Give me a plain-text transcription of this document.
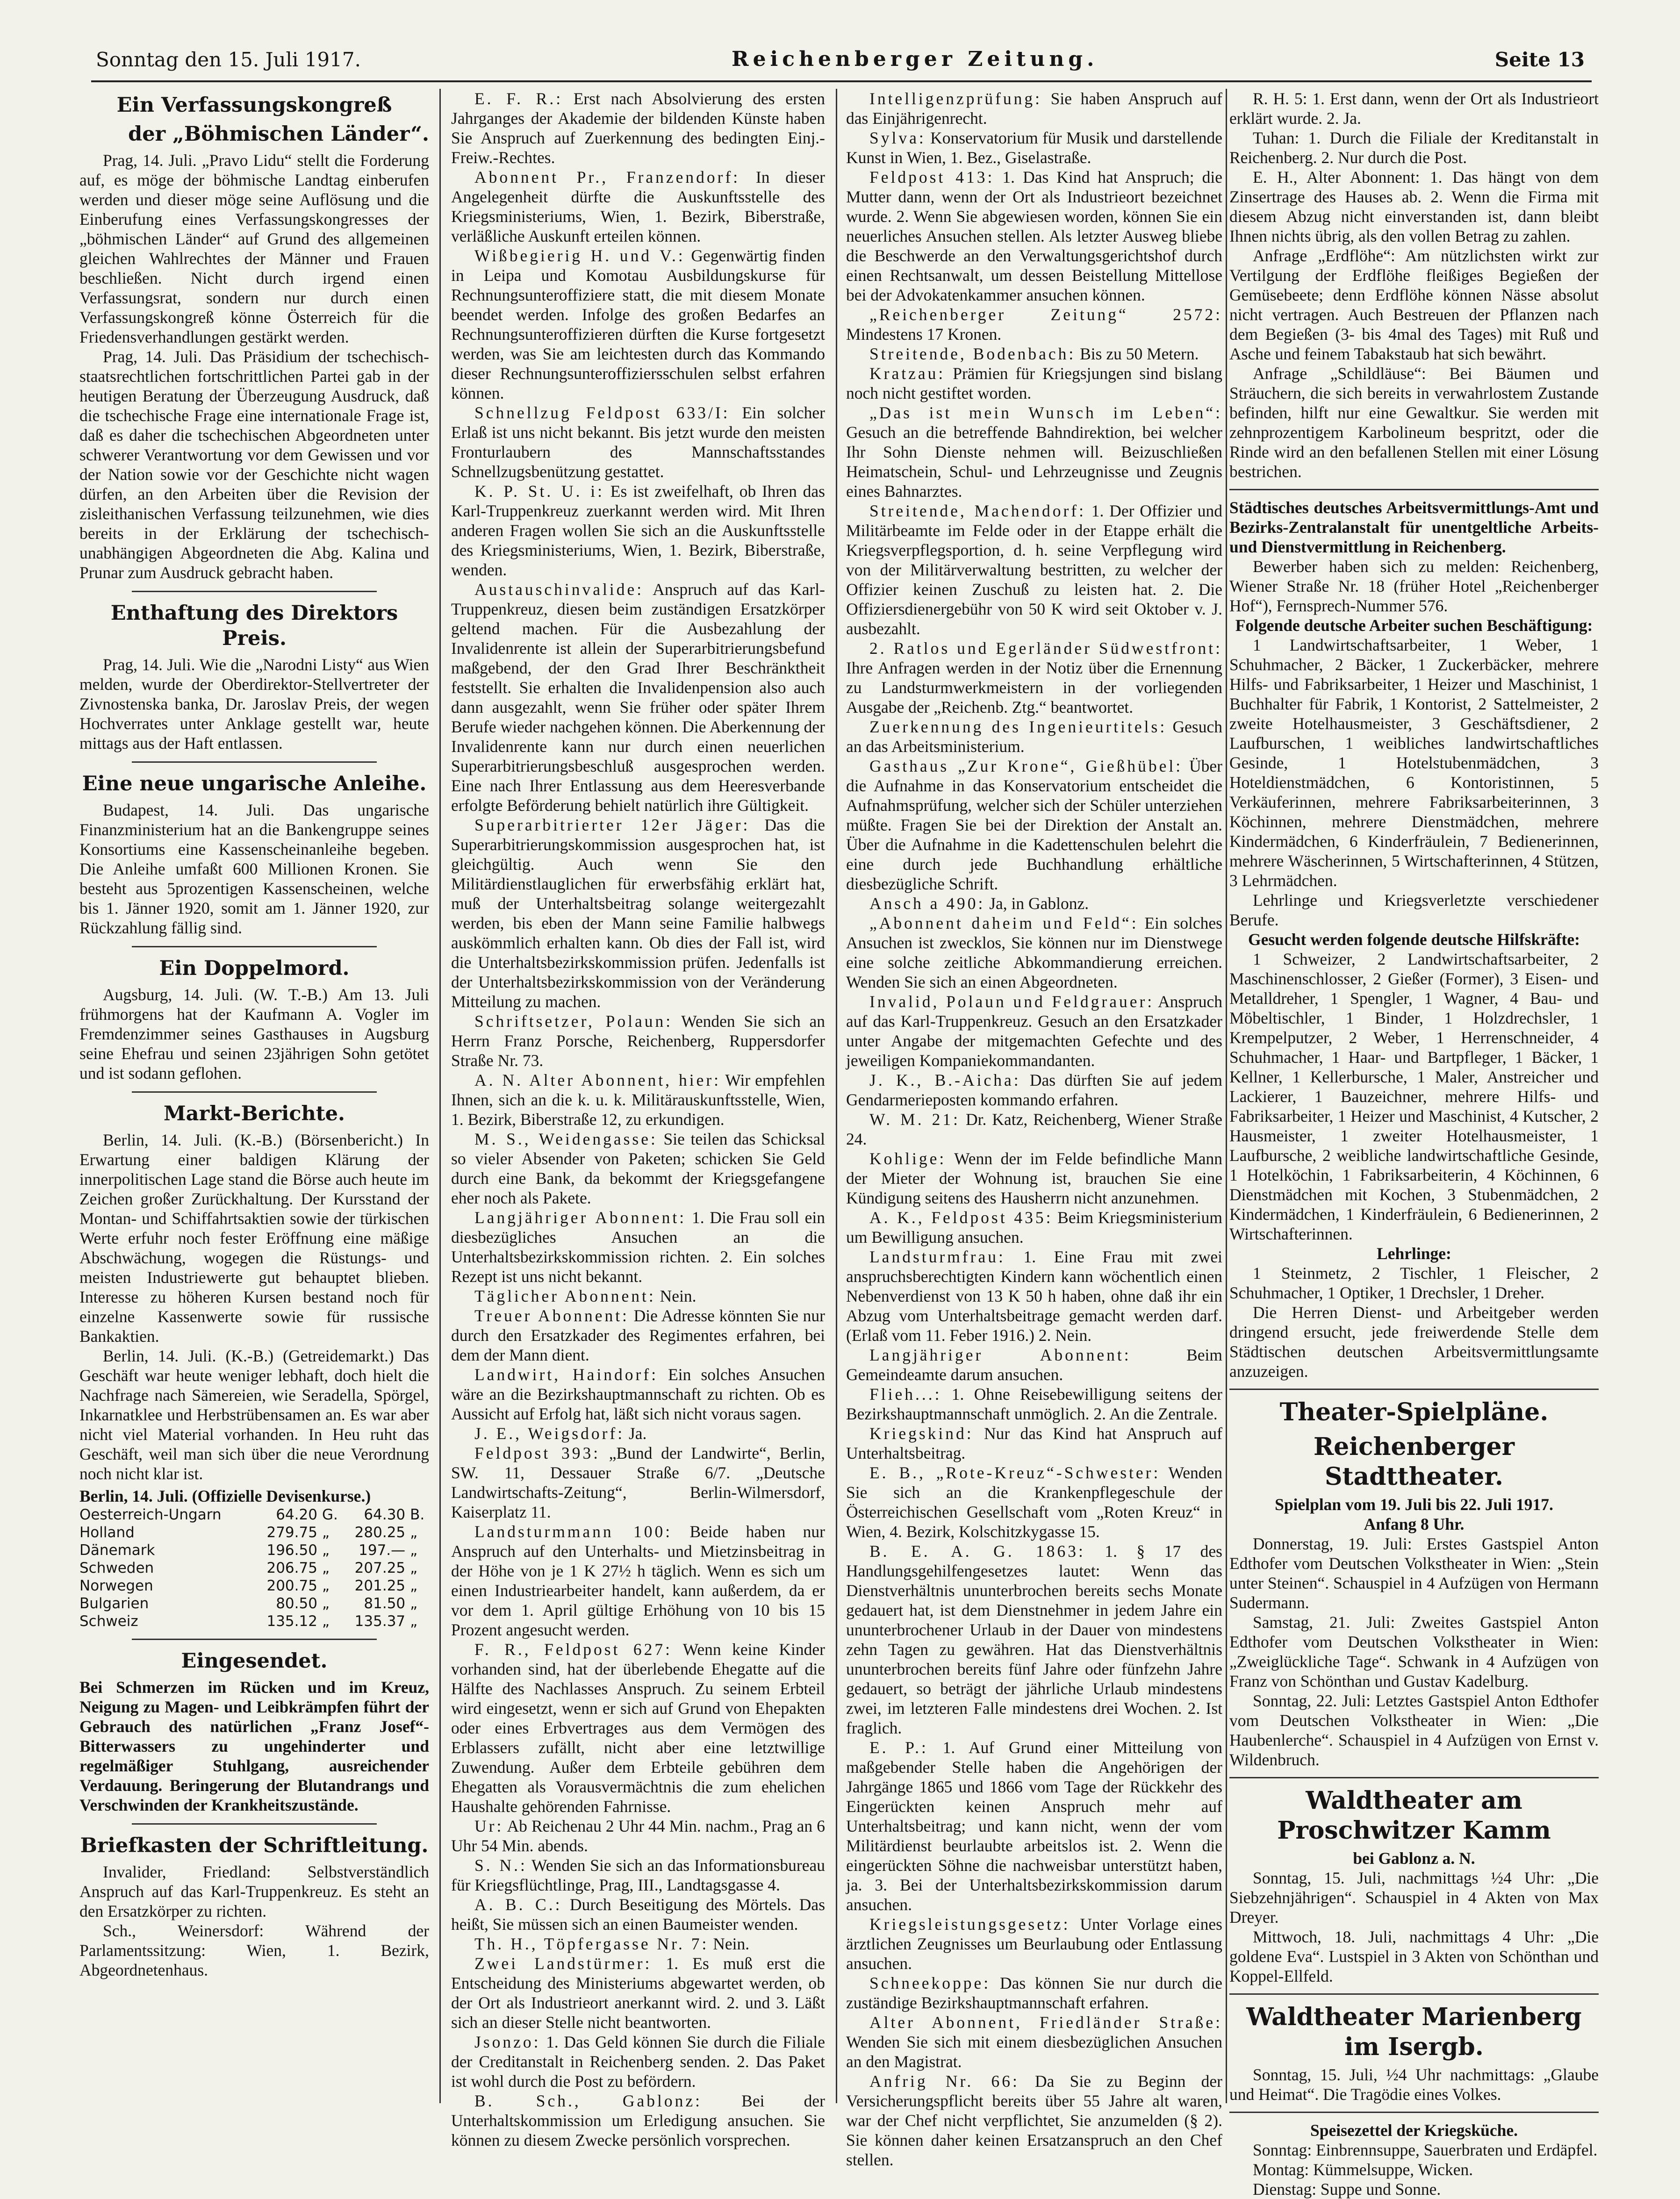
Sonntag den 15. Juli 1917.	Reichenberger Zeitung.	Seite 13
Ein Verfassungskongreß
der „Böhmischen Länder“.

Prag, 14. Juli. „Pravo Lidu“ stellt die Forderung auf, es möge der böhmische Landtag einberufen werden und dieser möge seine Auflösung und die Einberufung eines Verfassungskongresses der „böhmischen Länder“ auf Grund des allgemeinen gleichen Wahlrechtes der Männer und Frauen beschließen. Nicht durch irgend einen Verfassungsrat, sondern nur durch einen Verfassungskongreß könne Österreich für die Friedensverhandlungen gestärkt werden.

Prag, 14. Juli. Das Präsidium der tschechisch-staatsrechtlichen fortschrittlichen Partei gab in der heutigen Beratung der Überzeugung Ausdruck, daß die tschechische Frage eine internationale Frage ist, daß es daher die tschechischen Abgeordneten unter schwerer Verantwortung vor dem Gewissen und vor der Nation sowie vor der Geschichte nicht wagen dürfen, an den Arbeiten über die Revision der zisleithanischen Verfassung teilzunehmen, wie dies bereits in der Erklärung der tschechisch-unabhängigen Abgeordneten die Abg. Kalina und Prunar zum Ausdruck gebracht haben.

Enthaftung des Direktors Preis.

Prag, 14. Juli. Wie die „Narodni Listy“ aus Wien melden, wurde der Oberdirektor-Stellvertreter der Zivnostenska banka, Dr. Jaroslav Preis, der wegen Hochverrates unter Anklage gestellt war, heute mittags aus der Haft entlassen.

Eine neue ungarische Anleihe.

Budapest, 14. Juli. Das ungarische Finanzministerium hat an die Bankengruppe seines Konsortiums eine Kassenscheinanleihe begeben. Die Anleihe umfaßt 600 Millionen Kronen. Sie besteht aus 5prozentigen Kassenscheinen, welche bis 1. Jänner 1920, somit am 1. Jänner 1920, zur Rückzahlung fällig sind.

Ein Doppelmord.

Augsburg, 14. Juli. (W. T.-B.) Am 13. Juli frühmorgens hat der Kaufmann A. Vogler im Fremdenzimmer seines Gasthauses in Augsburg seine Ehefrau und seinen 23jährigen Sohn getötet und ist sodann geflohen.

Markt-Berichte.

Berlin, 14. Juli. (K.-B.) (Börsenbericht.) In Erwartung einer baldigen Klärung der innerpolitischen Lage stand die Börse auch heute im Zeichen großer Zurückhaltung. Der Kursstand der Montan- und Schiffahrtsaktien sowie der türkischen Werte erfuhr noch fester Eröffnung eine mäßige Abschwächung, wogegen die Rüstungs- und meisten Industriewerte gut behauptet blieben. Interesse zu höheren Kursen bestand noch für einzelne Kassenwerte sowie für russische Bankaktien.

Berlin, 14. Juli. (K.-B.) (Getreidemarkt.) Das Geschäft war heute weniger lebhaft, doch hielt die Nachfrage nach Sämereien, wie Seradella, Spörgel, Inkarnatklee und Herbstrübensamen an. Es war aber nicht viel Material vorhanden. In Heu ruht das Geschäft, weil man sich über die neue Verordnung noch nicht klar ist.

Berlin, 14. Juli. (Offizielle Devisenkurse.)
Oesterreich-Ungarn	64.20	G.	64.30	B.
Holland	279.75	„	280.25	„
Dänemark	196.50	„	197.—	„
Schweden	206.75	„	207.25	„
Norwegen	200.75	„	201.25	„
Bulgarien	80.50	„	81.50	„
Schweiz	135.12	„	135.37	„
Eingesendet.

Bei Schmerzen im Rücken und im Kreuz, Neigung zu Magen- und Leibkrämpfen führt der Gebrauch des natürlichen „Franz Josef“-Bitterwassers zu ungehinderter und regelmäßiger Stuhlgang, ausreichender Verdauung. Beringerung der Blutandrangs und Verschwinden der Krankheitszustände.

Briefkasten der Schriftleitung.

Invalider, Friedland: Selbstverständlich Anspruch auf das Karl-Truppenkreuz. Es steht an den Ersatzkörper zu richten.

Sch., Weinersdorf: Während der Parlamentssitzung: Wien, 1. Bezirk, Abgeordnetenhaus.

E. F. R.: Erst nach Absolvierung des ersten Jahrganges der Akademie der bildenden Künste haben Sie Anspruch auf Zuerkennung des bedingten Einj.-Freiw.-Rechtes.

Abonnent Pr., Franzendorf: In dieser Angelegenheit dürfte die Auskunftsstelle des Kriegsministeriums, Wien, 1. Bezirk, Biberstraße, verläßliche Auskunft erteilen können.

Wißbegierig H. und V.: Gegenwärtig finden in Leipa und Komotau Ausbildungskurse für Rechnungsunteroffiziere statt, die mit diesem Monate beendet werden. Infolge des großen Bedarfes an Rechnungsunteroffizieren dürften die Kurse fortgesetzt werden, was Sie am leichtesten durch das Kommando dieser Rechnungsunteroffiziersschulen selbst erfahren können.

Schnellzug Feldpost 633/I: Ein solcher Erlaß ist uns nicht bekannt. Bis jetzt wurde den meisten Fronturlaubern des Mannschaftsstandes Schnellzugsbenützung gestattet.

K. P. St. U. i: Es ist zweifelhaft, ob Ihren das Karl-Truppenkreuz zuerkannt werden wird. Mit Ihren anderen Fragen wollen Sie sich an die Auskunftsstelle des Kriegsministeriums, Wien, 1. Bezirk, Biberstraße, wenden.

Austauschinvalide: Anspruch auf das Karl-Truppenkreuz, diesen beim zuständigen Ersatzkörper geltend machen. Für die Ausbezahlung der Invalidenrente ist allein der Superarbitrierungsbefund maßgebend, der den Grad Ihrer Beschränktheit feststellt. Sie erhalten die Invalidenpension also auch dann ausgezahlt, wenn Sie früher oder später Ihrem Berufe wieder nachgehen können. Die Aberkennung der Invalidenrente kann nur durch einen neuerlichen Superarbitrierungsbeschluß ausgesprochen werden. Eine nach Ihrer Entlassung aus dem Heeresverbande erfolgte Beförderung behielt natürlich ihre Gültigkeit.

Superarbitrierter 12er Jäger: Das die Superarbitrierungskommission ausgesprochen hat, ist gleichgültig. Auch wenn Sie den Militärdienstlauglichen für erwerbsfähig erklärt hat, muß der Unterhaltsbeitrag solange weitergezahlt werden, bis eben der Mann seine Familie halbwegs auskömmlich erhalten kann. Ob dies der Fall ist, wird die Unterhaltsbezirkskommission prüfen. Jedenfalls ist der Unterhaltsbezirkskommission von der Veränderung Mitteilung zu machen.

Schriftsetzer, Polaun: Wenden Sie sich an Herrn Franz Porsche, Reichenberg, Ruppersdorfer Straße Nr. 73.

A. N. Alter Abonnent, hier: Wir empfehlen Ihnen, sich an die k. u. k. Militärauskunftsstelle, Wien, 1. Bezirk, Biberstraße 12, zu erkundigen.

M. S., Weidengasse: Sie teilen das Schicksal so vieler Absender von Paketen; schicken Sie Geld durch eine Bank, da bekommt der Kriegsgefangene eher noch als Pakete.

Langjähriger Abonnent: 1. Die Frau soll ein diesbezügliches Ansuchen an die Unterhaltsbezirkskommission richten. 2. Ein solches Rezept ist uns nicht bekannt.

Täglicher Abonnent: Nein.

Treuer Abonnent: Die Adresse könnten Sie nur durch den Ersatzkader des Regimentes erfahren, bei dem der Mann dient.

Landwirt, Haindorf: Ein solches Ansuchen wäre an die Bezirkshauptmannschaft zu richten. Ob es Aussicht auf Erfolg hat, läßt sich nicht voraus sagen.

J. E., Weigsdorf: Ja.

Feldpost 393: „Bund der Landwirte“, Berlin, SW. 11, Dessauer Straße 6/7. „Deutsche Landwirtschafts-Zeitung“, Berlin-Wilmersdorf, Kaiserplatz 11.

Landsturmmann 100: Beide haben nur Anspruch auf den Unterhalts- und Mietzinsbeitrag in der Höhe von je 1 K 27½ h täglich. Wenn es sich um einen Industriearbeiter handelt, kann außerdem, da er vor dem 1. April gültige Erhöhung von 10 bis 15 Prozent angesucht werden.

F. R., Feldpost 627: Wenn keine Kinder vorhanden sind, hat der überlebende Ehegatte auf die Hälfte des Nachlasses Anspruch. Zu seinem Erbteil wird eingesetzt, wenn er sich auf Grund von Ehepakten oder eines Erbvertrages aus dem Vermögen des Erblassers zufällt, nicht aber eine letztwillige Zuwendung. Außer dem Erbteile gebühren dem Ehegatten als Vorausvermächtnis die zum ehelichen Haushalte gehörenden Fahrnisse.

Ur: Ab Reichenau 2 Uhr 44 Min. nachm., Prag an 6 Uhr 54 Min. abends.

S. N.: Wenden Sie sich an das Informationsbureau für Kriegsflüchtlinge, Prag, III., Landtagsgasse 4.

A. B. C.: Durch Beseitigung des Mörtels. Das heißt, Sie müssen sich an einen Baumeister wenden.

Th. H., Töpfergasse Nr. 7: Nein.

Zwei Landstürmer: 1. Es muß erst die Entscheidung des Ministeriums abgewartet werden, ob der Ort als Industrieort anerkannt wird. 2. und 3. Läßt sich an dieser Stelle nicht beantworten.

Jsonzo: 1. Das Geld können Sie durch die Filiale der Creditanstalt in Reichenberg senden. 2. Das Paket ist wohl durch die Post zu befördern.

B. Sch., Gablonz: Bei der Unterhaltskommission um Erledigung ansuchen. Sie können zu diesem Zwecke persönlich vorsprechen.

Intelligenzprüfung: Sie haben Anspruch auf das Einjährigenrecht.

Sylva: Konservatorium für Musik und darstellende Kunst in Wien, 1. Bez., Giselastraße.

Feldpost 413: 1. Das Kind hat Anspruch; die Mutter dann, wenn der Ort als Industrieort bezeichnet wurde. 2. Wenn Sie abgewiesen worden, können Sie ein neuerliches Ansuchen stellen. Als letzter Ausweg bliebe die Beschwerde an den Verwaltungsgerichtshof durch einen Rechtsanwalt, um dessen Beistellung Mittellose bei der Advokatenkammer ansuchen können.

„Reichenberger Zeitung“ 2572: Mindestens 17 Kronen.

Streitende, Bodenbach: Bis zu 50 Metern.

Kratzau: Prämien für Kriegsjungen sind bislang noch nicht gestiftet worden.

„Das ist mein Wunsch im Leben“: Gesuch an die betreffende Bahndirektion, bei welcher Ihr Sohn Dienste nehmen will. Beizuschließen Heimatschein, Schul- und Lehrzeugnisse und Zeugnis eines Bahnarztes.

Streitende, Machendorf: 1. Der Offizier und Militärbeamte im Felde oder in der Etappe erhält die Kriegsverpflegsportion, d. h. seine Verpflegung wird von der Militärverwaltung bestritten, zu welcher der Offizier keinen Zuschuß zu leisten hat. 2. Die Offiziersdienergebühr von 50 K wird seit Oktober v. J. ausbezahlt.

2. Ratlos und Egerländer Südwestfront: Ihre Anfragen werden in der Notiz über die Ernennung zu Landsturmwerkmeistern in der vorliegenden Ausgabe der „Reichenb. Ztg.“ beantwortet.

Zuerkennung des Ingenieurtitels: Gesuch an das Arbeitsministerium.

Gasthaus „Zur Krone“, Gießhübel: Über die Aufnahme in das Konservatorium entscheidet die Aufnahmsprüfung, welcher sich der Schüler unterziehen müßte. Fragen Sie bei der Direktion der Anstalt an. Über die Aufnahme in die Kadettenschulen belehrt die eine durch jede Buchhandlung erhältliche diesbezügliche Schrift.

Ansch a 490: Ja, in Gablonz.

„Abonnent daheim und Feld“: Ein solches Ansuchen ist zwecklos, Sie können nur im Dienstwege eine solche zeitliche Abkommandierung erreichen. Wenden Sie sich an einen Abgeordneten.

Invalid, Polaun und Feldgrauer: Anspruch auf das Karl-Truppenkreuz. Gesuch an den Ersatzkader unter Angabe der mitgemachten Gefechte und des jeweiligen Kompaniekommandanten.

J. K., B.-Aicha: Das dürften Sie auf jedem Gendarmerieposten kommando erfahren.

W. M. 21: Dr. Katz, Reichenberg, Wiener Straße 24.

Kohlige: Wenn der im Felde befindliche Mann der Mieter der Wohnung ist, brauchen Sie eine Kündigung seitens des Hausherrn nicht anzunehmen.

A. K., Feldpost 435: Beim Kriegsministerium um Bewilligung ansuchen.

Landsturmfrau: 1. Eine Frau mit zwei anspruchsberechtigten Kindern kann wöchentlich einen Nebenverdienst von 13 K 50 h haben, ohne daß ihr ein Abzug vom Unterhaltsbeitrage gemacht werden darf. (Erlaß vom 11. Feber 1916.) 2. Nein.

Langjähriger Abonnent: Beim Gemeindeamte darum ansuchen.

Flieh...: 1. Ohne Reisebewilligung seitens der Bezirkshauptmannschaft unmöglich. 2. An die Zentrale.

Kriegskind: Nur das Kind hat Anspruch auf Unterhaltsbeitrag.

E. B., „Rote-Kreuz“-Schwester: Wenden Sie sich an die Krankenpflegeschule der Österreichischen Gesellschaft vom „Roten Kreuz“ in Wien, 4. Bezirk, Kolschitzkygasse 15.

B. E. A. G. 1863: 1. § 17 des Handlungsgehilfengesetzes lautet: Wenn das Dienstverhältnis ununterbrochen bereits sechs Monate gedauert hat, ist dem Dienstnehmer in jedem Jahre ein ununterbrochener Urlaub in der Dauer von mindestens zehn Tagen zu gewähren. Hat das Dienstverhältnis ununterbrochen bereits fünf Jahre oder fünfzehn Jahre gedauert, so beträgt der jährliche Urlaub mindestens zwei, im letzteren Falle mindestens drei Wochen. 2. Ist fraglich.

E. P.: 1. Auf Grund einer Mitteilung von maßgebender Stelle haben die Angehörigen der Jahrgänge 1865 und 1866 vom Tage der Rückkehr des Eingerückten keinen Anspruch mehr auf Unterhaltsbeitrag; und kann nicht, wenn der vom Militärdienst beurlaubte arbeitslos ist. 2. Wenn die eingerückten Söhne die nachweisbar unterstützt haben, ja. 3. Bei der Unterhaltsbezirkskommission darum ansuchen.

Kriegsleistungsgesetz: Unter Vorlage eines ärztlichen Zeugnisses um Beurlaubung oder Entlassung ansuchen.

Schneekoppe: Das können Sie nur durch die zuständige Bezirkshauptmannschaft erfahren.

Alter Abonnent, Friedländer Straße: Wenden Sie sich mit einem diesbezüglichen Ansuchen an den Magistrat.

Anfrig Nr. 66: Da Sie zu Beginn der Versicherungspflicht bereits über 55 Jahre alt waren, war der Chef nicht verpflichtet, Sie anzumelden (§ 2). Sie können daher keinen Ersatzanspruch an den Chef stellen.

R. H. 5: 1. Erst dann, wenn der Ort als Industrieort erklärt wurde. 2. Ja.

Tuhan: 1. Durch die Filiale der Kreditanstalt in Reichenberg. 2. Nur durch die Post.

E. H., Alter Abonnent: 1. Das hängt von dem Zinsertrage des Hauses ab. 2. Wenn die Firma mit diesem Abzug nicht einverstanden ist, dann bleibt Ihnen nichts übrig, als den vollen Betrag zu zahlen.

Anfrage „Erdflöhe“: Am nützlichsten wirkt zur Vertilgung der Erdflöhe fleißiges Begießen der Gemüsebeete; denn Erdflöhe können Nässe absolut nicht vertragen. Auch Bestreuen der Pflanzen nach dem Begießen (3- bis 4mal des Tages) mit Ruß und Asche und feinem Tabakstaub hat sich bewährt.

Anfrage „Schildläuse“: Bei Bäumen und Sträuchern, die sich bereits in verwahrlostem Zustande befinden, hilft nur eine Gewaltkur. Sie werden mit zehnprozentigem Karbolineum bespritzt, oder die Rinde wird an den befallenen Stellen mit einer Lösung bestrichen.

Städtisches deutsches Arbeitsvermittlungs-Amt und Bezirks-Zentralanstalt für unentgeltliche Arbeits- und Dienstvermittlung in Reichenberg.

Bewerber haben sich zu melden: Reichenberg, Wiener Straße Nr. 18 (früher Hotel „Reichenberger Hof“), Fernsprech-Nummer 576.

Folgende deutsche Arbeiter suchen Beschäftigung:

1 Landwirtschaftsarbeiter, 1 Weber, 1 Schuhmacher, 2 Bäcker, 1 Zuckerbäcker, mehrere Hilfs- und Fabriksarbeiter, 1 Heizer und Maschinist, 1 Buchhalter für Fabrik, 1 Kontorist, 2 Sattelmeister, 2 zweite Hotelhausmeister, 3 Geschäftsdiener, 2 Laufburschen, 1 weibliches landwirtschaftliches Gesinde, 1 Hotelstubenmädchen, 3 Hoteldienstmädchen, 6 Kontoristinnen, 5 Verkäuferinnen, mehrere Fabriksarbeiterinnen, 3 Köchinnen, mehrere Dienstmädchen, mehrere Kindermädchen, 6 Kinderfräulein, 7 Bedienerinnen, mehrere Wäscherinnen, 5 Wirtschafterinnen, 4 Stützen, 3 Lehrmädchen.

Lehrlinge und Kriegsverletzte verschiedener Berufe.

Gesucht werden folgende deutsche Hilfskräfte:

1 Schweizer, 2 Landwirtschaftsarbeiter, 2 Maschinenschlosser, 2 Gießer (Former), 3 Eisen- und Metalldreher, 1 Spengler, 1 Wagner, 4 Bau- und Möbeltischler, 1 Binder, 1 Holzdrechsler, 1 Krempelputzer, 2 Weber, 1 Herrenschneider, 4 Schuhmacher, 1 Haar- und Bartpfleger, 1 Bäcker, 1 Kellner, 1 Kellerbursche, 1 Maler, Anstreicher und Lackierer, 1 Bauzeichner, mehrere Hilfs- und Fabriksarbeiter, 1 Heizer und Maschinist, 4 Kutscher, 2 Hausmeister, 1 zweiter Hotelhausmeister, 1 Laufbursche, 2 weibliche landwirtschaftliche Gesinde, 1 Hotelköchin, 1 Fabriksarbeiterin, 4 Köchinnen, 6 Dienstmädchen mit Kochen, 3 Stubenmädchen, 2 Kindermädchen, 1 Kinderfräulein, 6 Bedienerinnen, 2 Wirtschafterinnen.

Lehrlinge:

1 Steinmetz, 2 Tischler, 1 Fleischer, 2 Schuhmacher, 1 Optiker, 1 Drechsler, 1 Dreher.

Die Herren Dienst- und Arbeitgeber werden dringend ersucht, jede freiwerdende Stelle dem Städtischen deutschen Arbeitsvermittlungsamte anzuzeigen.

Theater-Spielpläne.
Reichenberger Stadttheater.

Spielplan vom 19. Juli bis 22. Juli 1917.

Anfang 8 Uhr.

Donnerstag, 19. Juli: Erstes Gastspiel Anton Edthofer vom Deutschen Volkstheater in Wien: „Stein unter Steinen“. Schauspiel in 4 Aufzügen von Hermann Sudermann.

Samstag, 21. Juli: Zweites Gastspiel Anton Edthofer vom Deutschen Volkstheater in Wien: „Zweiglückliche Tage“. Schwank in 4 Aufzügen von Franz von Schönthan und Gustav Kadelburg.

Sonntag, 22. Juli: Letztes Gastspiel Anton Edthofer vom Deutschen Volkstheater in Wien: „Die Haubenlerche“. Schauspiel in 4 Aufzügen von Ernst v. Wildenbruch.

Waldtheater am Proschwitzer Kamm

bei Gablonz a. N.

Sonntag, 15. Juli, nachmittags ½4 Uhr: „Die Siebzehnjährigen“. Schauspiel in 4 Akten von Max Dreyer.

Mittwoch, 18. Juli, nachmittags 4 Uhr: „Die goldene Eva“. Lustspiel in 3 Akten von Schönthan und Koppel-Ellfeld.

Waldtheater Marienberg im Isergb.

Sonntag, 15. Juli, ½4 Uhr nachmittags: „Glaube und Heimat“. Die Tragödie eines Volkes.

Speisezettel der Kriegsküche.

Sonntag: Einbrennsuppe, Sauerbraten und Erdäpfel.

Montag: Kümmelsuppe, Wicken.

Dienstag: Suppe und Sonne.
